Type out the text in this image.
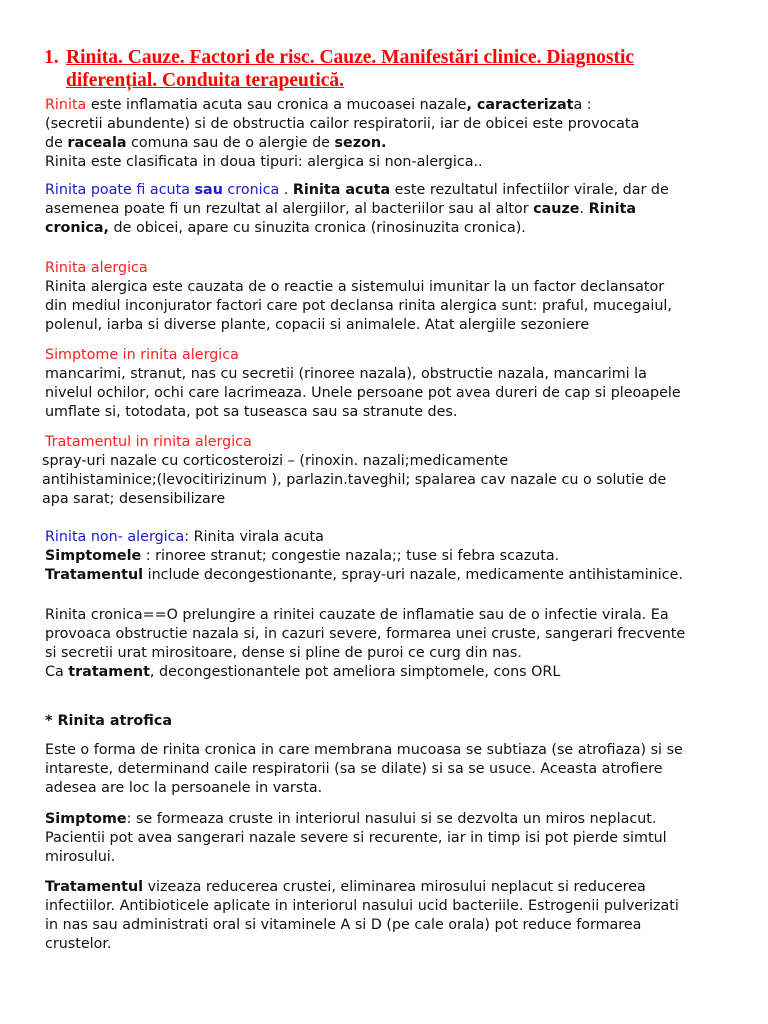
1. Rinita. Cauze. Factori de risc. Cauze. Manifestări clinice. Diagnostic
diferențial. Conduita terapeutică.
Rinita este inflamatia acuta sau cronica a mucoasei nazale, caracterizata :
(secretii abundente) si de obstructia cailor respiratorii, iar de obicei este provocata
de raceala comuna sau de o alergie de sezon.
Rinita este clasificata in doua tipuri: alergica si non-alergica..
Rinita poate fi acuta sau cronica . Rinita acuta este rezultatul infectiilor virale, dar de
asemenea poate fi un rezultat al alergiilor, al bacteriilor sau al altor cauze. Rinita
cronica, de obicei, apare cu sinuzita cronica (rinosinuzita cronica).
Rinita alergica
Rinita alergica este cauzata de o reactie a sistemului imunitar la un factor declansator
din mediul inconjurator factori care pot declansa rinita alergica sunt: praful, mucegaiul,
polenul, iarba si diverse plante, copacii si animalele. Atat alergiile sezoniere
Simptome in rinita alergica
mancarimi, stranut, nas cu secretii (rinoree nazala), obstructie nazala, mancarimi la
nivelul ochilor, ochi care lacrimeaza. Unele persoane pot avea dureri de cap si pleoapele
umflate si, totodata, pot sa tuseasca sau sa stranute des.
Tratamentul in rinita alergica
spray-uri nazale cu corticosteroizi – (rinoxin. nazali;medicamente
antihistaminice;(levocitirizinum ), parlazin.taveghil; spalarea cav nazale cu o solutie de
apa sarat; desensibilizare
Rinita non- alergica: Rinita virala acuta
Simptomele : rinoree stranut; congestie nazala;; tuse si febra scazuta.
Tratamentul include decongestionante, spray-uri nazale, medicamente antihistaminice.
Rinita cronica==O prelungire a rinitei cauzate de inflamatie sau de o infectie virala. Ea
provoaca obstructie nazala si, in cazuri severe, formarea unei cruste, sangerari frecvente
si secretii urat mirositoare, dense si pline de puroi ce curg din nas.
Ca tratament, decongestionantele pot ameliora simptomele, cons ORL
* Rinita atrofica
Este o forma de rinita cronica in care membrana mucoasa se subtiaza (se atrofiaza) si se
intareste, determinand caile respiratorii (sa se dilate) si sa se usuce. Aceasta atrofiere
adesea are loc la persoanele in varsta.
Simptome: se formeaza cruste in interiorul nasului si se dezvolta un miros neplacut.
Pacientii pot avea sangerari nazale severe si recurente, iar in timp isi pot pierde simtul
mirosului.
Tratamentul vizeaza reducerea crustei, eliminarea mirosului neplacut si reducerea
infectiilor. Antibioticele aplicate in interiorul nasului ucid bacteriile. Estrogenii pulverizati
in nas sau administrati oral si vitaminele A si D (pe cale orala) pot reduce formarea
crustelor.
